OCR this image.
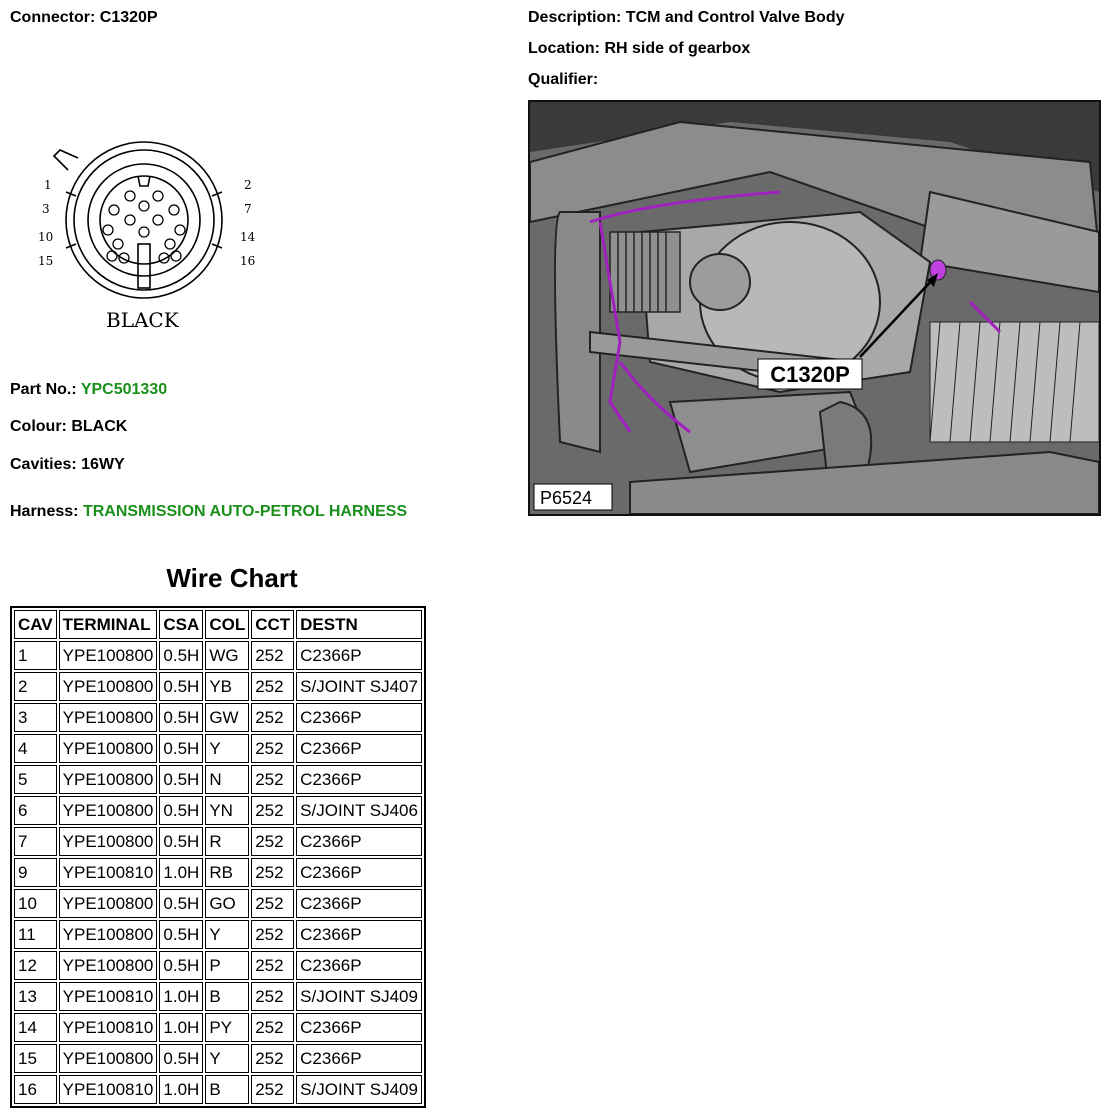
Connector: C1320P	Description: TCM and Control Valve Body
Location: RH side of gearbox
Qualifier:
1
3
10
15
2
7
14
16
BLACK
Part No.: YPC501330
Colour: BLACK
Cavities: 16WY
Harness: TRANSMISSION AUTO-PETROL HARNESS
C1320P
P6524
Wire Chart
CAV	TERMINAL	CSA	COL	CCT	DESTN
1	YPE100800	0.5H	WG	252	C2366P
2	YPE100800	0.5H	YB	252	S/JOINT SJ407
3	YPE100800	0.5H	GW	252	C2366P
4	YPE100800	0.5H	Y	252	C2366P
5	YPE100800	0.5H	N	252	C2366P
6	YPE100800	0.5H	YN	252	S/JOINT SJ406
7	YPE100800	0.5H	R	252	C2366P
9	YPE100810	1.0H	RB	252	C2366P
10	YPE100800	0.5H	GO	252	C2366P
11	YPE100800	0.5H	Y	252	C2366P
12	YPE100800	0.5H	P	252	C2366P
13	YPE100810	1.0H	B	252	S/JOINT SJ409
14	YPE100810	1.0H	PY	252	C2366P
15	YPE100800	0.5H	Y	252	C2366P
16	YPE100810	1.0H	B	252	S/JOINT SJ409
